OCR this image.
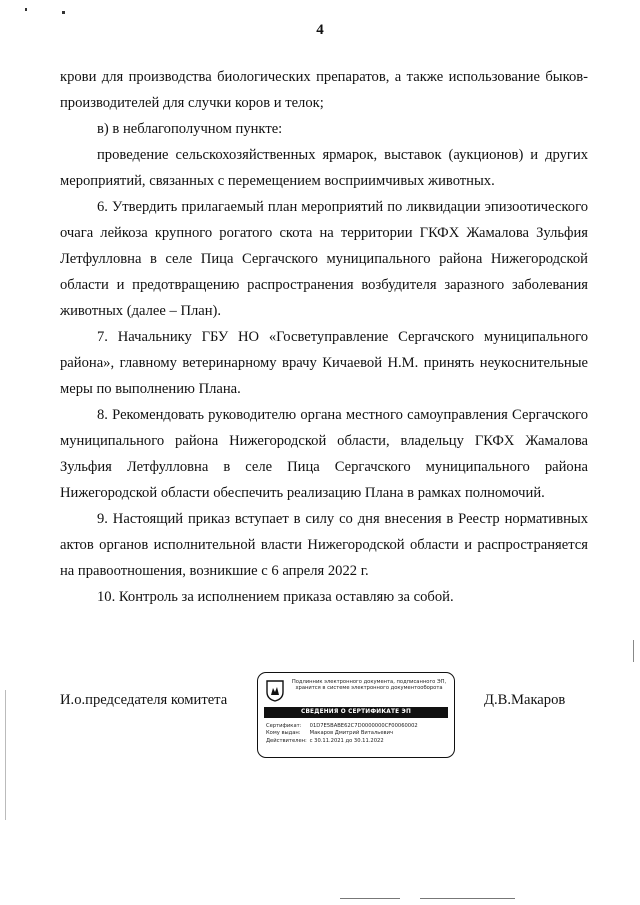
4

крови для производства биологических препаратов, а также использование быков-производителей для случки коров и телок;

в) в неблагополучном пункте:

проведение сельскохозяйственных ярмарок, выставок (аукционов) и других мероприятий, связанных с перемещением восприимчивых животных.

6. Утвердить прилагаемый план мероприятий по ликвидации эпизоотического очага лейкоза крупного рогатого скота на территории ГКФХ Жамалова Зульфия Летфулловна в селе Пица Сергачского муниципального района Нижегородской области и предотвращению распространения возбудителя заразного заболевания животных (далее – План).

7. Начальнику ГБУ НО «Госветуправление Сергачского муниципального района», главному ветеринарному врачу Кичаевой Н.М. принять неукоснительные меры по выполнению Плана.

8. Рекомендовать руководителю органа местного самоуправления Сергачского муниципального района Нижегородской области, владельцу ГКФХ Жамалова Зульфия Летфулловна в селе Пица Сергачского муниципального района Нижегородской области обеспечить реализацию Плана в рамках полномочий.

9. Настоящий приказ вступает в силу со дня внесения в Реестр нормативных актов органов исполнительной власти Нижегородской области и распространяется на правоотношения, возникшие с 6 апреля 2022 г.

10. Контроль за исполнением приказа оставляю за собой.

И.о.председателя комитета
Подлинник электронного документа, подписанного ЭП, хранится в системе электронного документооборота
СВЕДЕНИЯ О СЕРТИФИКАТЕ ЭП
Сертификат: 01D7E5BABE62C7D0000000CF00060002
Кому выдан: Макаров Дмитрий Витальевич
Действителен: с 30.11.2021 до 30.11.2022
Д.В.Макаров
